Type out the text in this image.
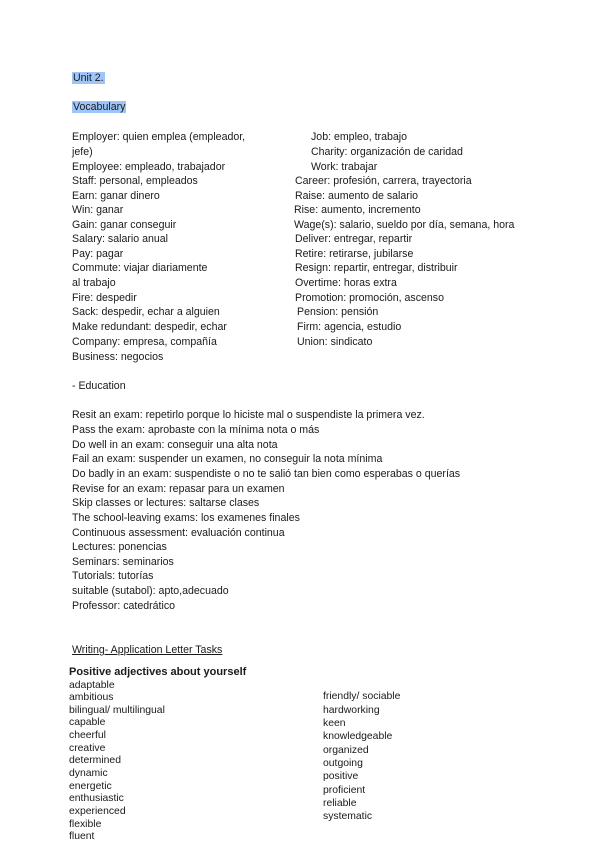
Unit 2.
Vocabulary
Employer: quien emplea (empleador,
jefe)
Employee: empleado, trabajador
Staff: personal, empleados
Earn: ganar dinero
Win: ganar
Gain: ganar conseguir
Salary: salario anual
Pay: pagar
Commute: viajar diariamente
al trabajo
Fire: despedir
Sack: despedir, echar a alguien
Make redundant: despedir, echar
Company: empresa, compañía
Business: negocios
Job: empleo, trabajo
Charity: organización de caridad
Work: trabajar
Career: profesión, carrera, trayectoria
Raise: aumento de salario
Rise: aumento, incremento
Wage(s): salario, sueldo por día, semana, hora
Deliver: entregar, repartir
Retire: retirarse, jubilarse
Resign: repartir, entregar, distribuir
Overtime: horas extra
Promotion: promoción, ascenso
Pension: pensión
Firm: agencia, estudio
Union: sindicato
- Education
Resit an exam: repetirlo porque lo hiciste mal o suspendiste la primera vez.
Pass the exam: aprobaste con la mínima nota o más
Do well in an exam: conseguir una alta nota
Fail an exam: suspender un examen, no conseguir la nota mínima
Do badly in an exam: suspendiste o no te salió tan bien como esperabas o querías
Revise for an exam: repasar para un examen
Skip classes or lectures: saltarse clases
The school-leaving exams: los examenes finales
Continuous assessment: evaluación continua
Lectures: ponencias
Seminars: seminarios
Tutorials: tutorías
suitable (sutabol): apto,adecuado
Professor: catedrático
Writing- Application Letter Tasks
Positive adjectives about yourself
adaptable
ambitious
bilingual/ multilingual
capable
cheerful
creative
determined
dynamic
energetic
enthusiastic
experienced
flexible
fluent
friendly/ sociable
hardworking
keen
knowledgeable
organized
outgoing
positive
proficient
reliable
systematic
